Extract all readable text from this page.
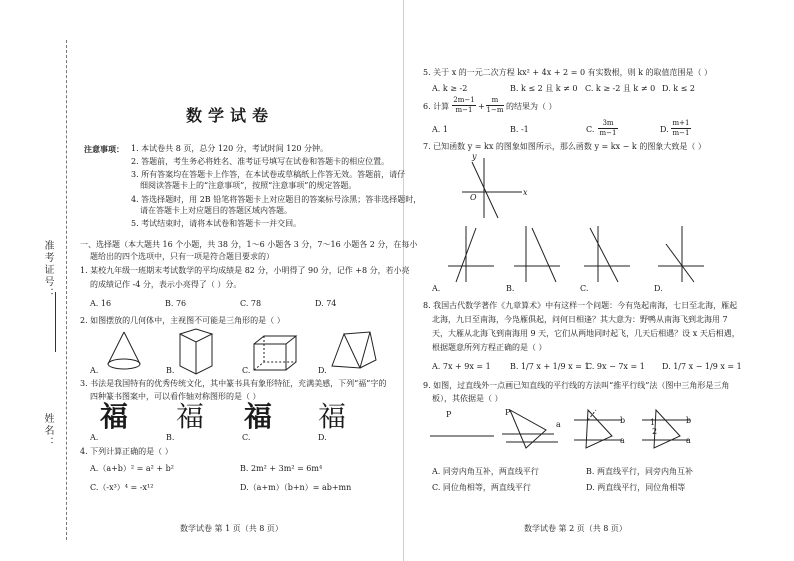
准考证号：
姓名：
数学试卷
注意事项： 1. 本试卷共 8 页，总分 120 分，考试时间 120 分钟。
2. 答题前，考生务必将姓名、准考证号填写在试卷和答题卡的相应位置。
3. 所有答案均在答题卡上作答，在本试卷或草稿纸上作答无效。答题前，请仔
细阅读答题卡上的“注意事项”，按照“注意事项”的规定答题。
4. 答选择题时，用 2B 铅笔将答题卡上对应题目的答案标号涂黑；答非选择题时，
请在答题卡上对应题目的答题区域内答题。
5. 考试结束时，请将本试卷和答题卡一并交回。
一、选择题（本大题共 16 个小题，共 38 分，1～6 小题各 3 分，7～16 小题各 2 分，在每小
题给出的四个选项中，只有一项是符合题目要求的）
1. 某校九年级一班期末考试数学的平均成绩是 82 分，小明得了 90 分，记作 +8 分，若小亮
的成绩记作 -4 分，表示小亮得了（ ）分。
A. 16	B. 76	C. 78	D. 74
2. 如图摆放的几何体中，主视图不可能是三角形的是（ ）
A.	B.	C.	D.
3. 书法是我国特有的优秀传统文化，其中篆书具有象形特征，充满美感，下列“福”字的
四种篆书图案中，可以看作轴对称图形的是（ ）
福 福 福 福
A.	B.	C.	D.
4. 下列计算正确的是（ ）
A.（a+b）² = a² + b²	B. 2m² + 3m² = 6m⁴
C.（-x³）⁴ = -x¹²	D.（a+m）（b+n）= ab+mn
数学试卷 第 1 页（共 8 页）
5. 关于 x 的一元二次方程 kx² + 4x + 2 = 0 有实数根，则 k 的取值范围是（ ）
A. k ≥ -2	B. k ≤ 2 且 k ≠ 0 C. k ≥ -2 且 k ≠ 0 D. k ≤ 2
6. 计算 $\frac{2m-1}{m-1} + \frac{m}{1-m}$ 的结果为（ ）
A. 1	B. -1	C. $\frac{3m}{m-1}$	D. $\frac{m+1}{m-1}$
7. 已知函数 y = kx 的图象如图所示，那么函数 y = kx − k 的图象大致是（ ）
y
x
O
A.	B.	C.	D.
8. 我国古代数学著作《九章算术》中有这样一个问题：今有凫起南海，七日至北海，雁起
北海，九日至南海，今凫雁俱起，问何日相逢？其大意为：野鸭从南海飞到北海用 7
天，大雁从北海飞到南海用 9 天，它们从两地同时起飞，几天后相遇？设 x 天后相遇，
根据题意所列方程正确的是（ ）
A. 7x + 9x = 1 B. 1/7 x + 1/9 x = 1
C. 9x − 7x = 1 D. 1/7 x − 1/9 x = 1
9. 如图，过直线外一点画已知直线的平行线的方法叫“推平行线”法（图中三角形是三角
板），其依据是（ ）
P	P
a	b
a
b
a
1
2
A. 同旁内角互补，两直线平行	B. 两直线平行，同旁内角互补
C. 同位角相等，两直线平行	D. 两直线平行，同位角相等
数学试卷 第 2 页（共 8 页）
